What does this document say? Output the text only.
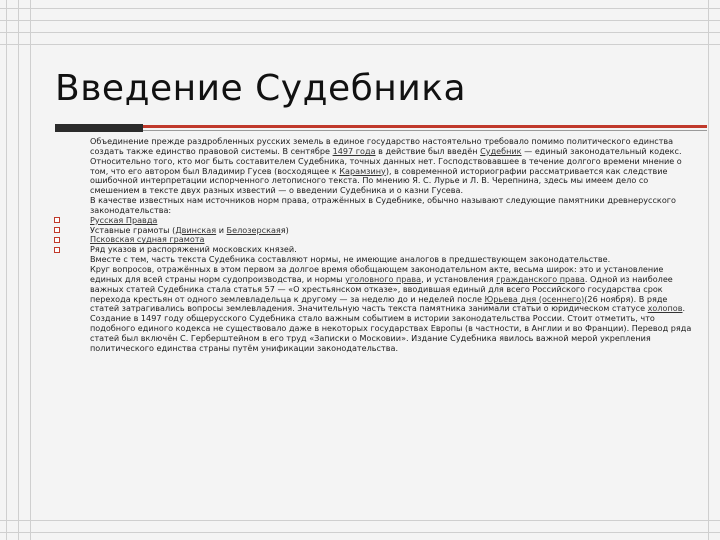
Введение Судебника

Объединение прежде раздробленных русских земель в единое государство настоятельно требовало помимо политического единства создать также единство правовой системы. В сентябре 1497 года в действие был введён Судебник — единый законодательный кодекс.

Относительно того, кто мог быть составителем Судебника, точных данных нет. Господствовавшее в течение долгого времени мнение о том, что его автором был Владимир Гусев (восходящее к Карамзину), в современной историографии рассматривается как следствие ошибочной интерпретации испорченного летописного текста. По мнению Я. С. Лурье и Л. В. Черепнина, здесь мы имеем дело со смешением в тексте двух разных известий — о введении Судебника и о казни Гусева.

В качестве известных нам источников норм права, отражённых в Судебнике, обычно называют следующие памятники древнерусского законодательства:

Русская Правда
Уставные грамоты (Двинская и Белозерскаяя)
Псковская судная грамота
Ряд указов и распоряжений московских князей.

Вместе с тем, часть текста Судебника составляют нормы, не имеющие аналогов в предшествующем законодательстве.

Круг вопросов, отражённых в этом первом за долгое время обобщающем законодательном акте, весьма широк: это и установление единых для всей страны норм судопроизводства, и нормы уголовного права, и установления гражданского права. Одной из наиболее важных статей Судебника стала статья 57 — «О хрестьянском отказе», вводившая единый для всего Российского государства срок перехода крестьян от одного землевладельца к другому — за неделю до и неделей после Юрьева дня (осеннего)(26 ноября). В ряде статей затрагивались вопросы землевладения. Значительную часть текста памятника занимали статьи о юридическом статусе холопов.

Создание в 1497 году общерусского Судебника стало важным событием в истории законодательства России. Стоит отметить, что подобного единого кодекса не существовало даже в некоторых государствах Европы (в частности, в Англии и во Франции). Перевод ряда статей был включён С. Герберштейном в его труд «Записки о Московии». Издание Судебника явилось важной мерой укрепления политического единства страны путём унификации законодательства.
